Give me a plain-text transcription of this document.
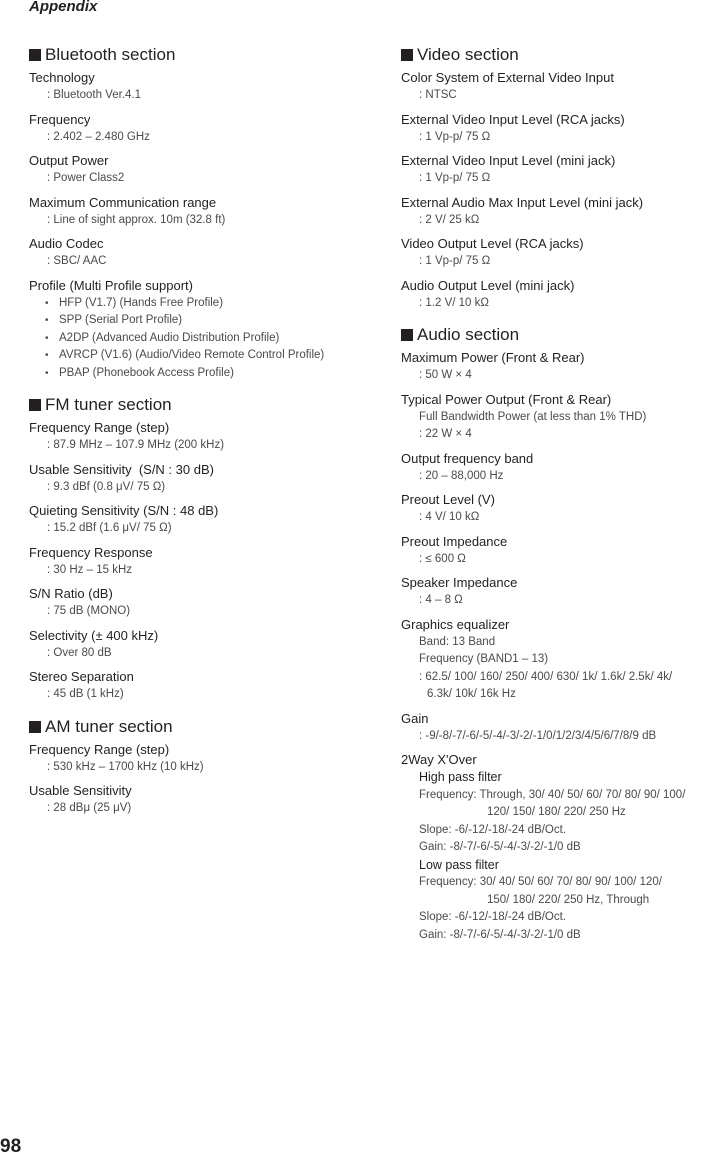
Appendix
Bluetooth section
Technology
: Bluetooth Ver.4.1
Frequency
: 2.402 – 2.480 GHz
Output Power
: Power Class2
Maximum Communication range
: Line of sight approx. 10m (32.8 ft)
Audio Codec
: SBC/ AAC
Profile (Multi Profile support)
• HFP (V1.7) (Hands Free Profile)
• SPP (Serial Port Profile)
• A2DP (Advanced Audio Distribution Profile)
• AVRCP (V1.6) (Audio/Video Remote Control Profile)
• PBAP (Phonebook Access Profile)
FM tuner section
Frequency Range (step)
: 87.9 MHz – 107.9 MHz (200 kHz)
Usable Sensitivity  (S/N : 30 dB)
: 9.3 dBf (0.8 μV/ 75 Ω)
Quieting Sensitivity (S/N : 48 dB)
: 15.2 dBf (1.6 μV/ 75 Ω)
Frequency Response
: 30 Hz – 15 kHz
S/N Ratio (dB)
: 75 dB (MONO)
Selectivity (± 400 kHz)
: Over 80 dB
Stereo Separation
: 45 dB (1 kHz)
AM tuner section
Frequency Range (step)
: 530 kHz – 1700 kHz (10 kHz)
Usable Sensitivity
: 28 dBμ (25 μV)
Video section
Color System of External Video Input
: NTSC
External Video Input Level (RCA jacks)
: 1 Vp-p/ 75 Ω
External Video Input Level (mini jack)
: 1 Vp-p/ 75 Ω
External Audio Max Input Level (mini jack)
: 2 V/ 25 kΩ
Video Output Level (RCA jacks)
: 1 Vp-p/ 75 Ω
Audio Output Level (mini jack)
: 1.2 V/ 10 kΩ
Audio section
Maximum Power (Front & Rear)
: 50 W × 4
Typical Power Output (Front & Rear)
Full Bandwidth Power (at less than 1% THD)
: 22 W × 4
Output frequency band
: 20 – 88,000 Hz
Preout Level (V)
: 4 V/ 10 kΩ
Preout Impedance
: ≤ 600 Ω
Speaker Impedance
: 4 – 8 Ω
Graphics equalizer
Band: 13 Band
Frequency (BAND1 – 13)
: 62.5/ 100/ 160/ 250/ 400/ 630/ 1k/ 1.6k/ 2.5k/ 4k/
6.3k/ 10k/ 16k Hz
Gain
: -9/-8/-7/-6/-5/-4/-3/-2/-1/0/1/2/3/4/5/6/7/8/9 dB
2Way X'Over
High pass filter
Frequency: Through, 30/ 40/ 50/ 60/ 70/ 80/ 90/ 100/
120/ 150/ 180/ 220/ 250 Hz
Slope: -6/-12/-18/-24 dB/Oct.
Gain: -8/-7/-6/-5/-4/-3/-2/-1/0 dB
Low pass filter
Frequency: 30/ 40/ 50/ 60/ 70/ 80/ 90/ 100/ 120/
150/ 180/ 220/ 250 Hz, Through
Slope: -6/-12/-18/-24 dB/Oct.
Gain: -8/-7/-6/-5/-4/-3/-2/-1/0 dB
98
